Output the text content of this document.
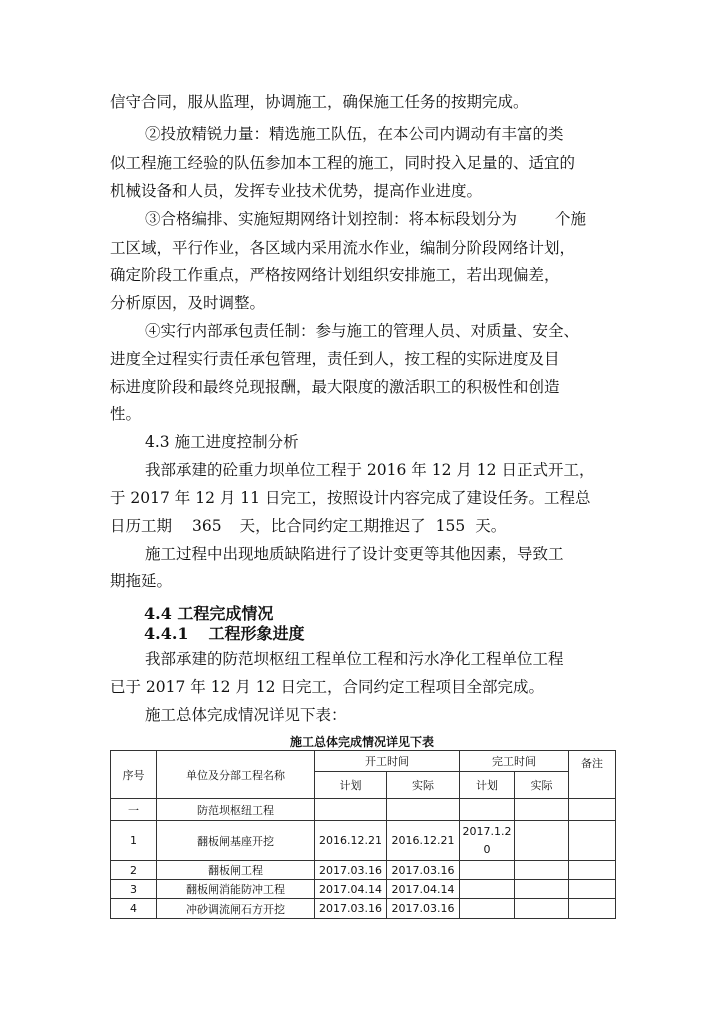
信守合同，服从监理，协调施工，确保施工任务的按期完成。
②投放精锐力量：精选施工队伍，在本公司内调动有丰富的类
似工程施工经验的队伍参加本工程的施工，同时投入足量的、适宜的
机械设备和人员，发挥专业技术优势，提高作业进度。
③合格编排、实施短期网络计划控制：将本标段划分为 个施
工区域，平行作业，各区域内采用流水作业，编制分阶段网络计划，
确定阶段工作重点，严格按网络计划组织安排施工，若出现偏差，
分析原因，及时调整。
④实行内部承包责任制：参与施工的管理人员、对质量、安全、
进度全过程实行责任承包管理，责任到人，按工程的实际进度及目
标进度阶段和最终兑现报酬，最大限度的激活职工的积极性和创造
性。
4.3 施工进度控制分析
我部承建的砼重力坝单位工程于 2016 年 12 月 12 日正式开工，
于 2017 年 12 月 11 日完工，按照设计内容完成了建设任务。工程总
日历工期 365 天，比合同约定工期推迟了 155 天。
施工过程中出现地质缺陷进行了设计变更等其他因素，导致工
期拖延。
4.4 工程完成情况
4.4.1 工程形象进度
我部承建的防范坝枢纽工程单位工程和污水净化工程单位工程
已于 2017 年 12 月 12 日完工，合同约定工程项目全部完成。
施工总体完成情况详见下表：
施工总体完成情况详见下表
序号	单位及分部工程名称	开工时间		完工时间		备注
		计划	实际	计划	实际	
一	防范坝枢纽工程					
1	翻板闸基座开挖	2016.12.21	2016.12.21	2017.1.20		
2	翻板闸工程	2017.03.16	2017.03.16			
3	翻板闸消能防冲工程	2017.04.14	2017.04.14			
4	冲砂调流闸石方开挖	2017.03.16	2017.03.16			
